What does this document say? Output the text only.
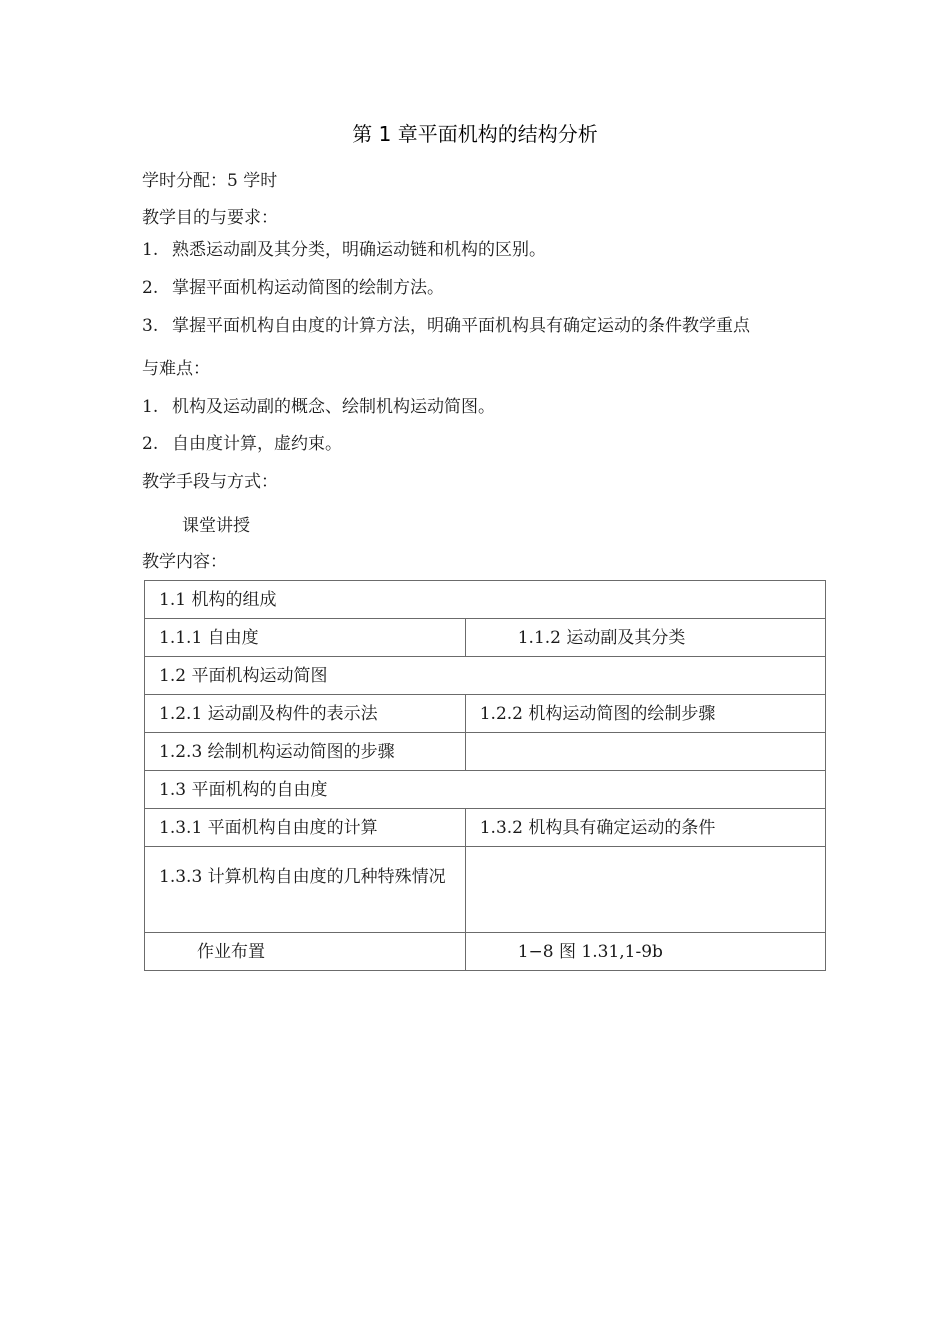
第 1 章平面机构的结构分析

学时分配：5 学时

教学目的与要求：

1. 熟悉运动副及其分类，明确运动链和机构的区别。

2. 掌握平面机构运动简图的绘制方法。

3. 掌握平面机构自由度的计算方法，明确平面机构具有确定运动的条件教学重点

与难点：

1. 机构及运动副的概念、绘制机构运动简图。

2. 自由度计算，虚约束。

教学手段与方式：

课堂讲授

教学内容：

1.1 机构的组成	
1.1.1 自由度	1.1.2 运动副及其分类
1.2 平面机构运动简图	
1.2.1 运动副及构件的表示法	1.2.2 机构运动简图的绘制步骤
1.2.3 绘制机构运动简图的步骤	
1.3 平面机构的自由度	
1.3.1 平面机构自由度的计算	1.3.2 机构具有确定运动的条件
1.3.3 计算机构自由度的几种特殊情况	
作业布置	1−8 图 1.31,1-9b
